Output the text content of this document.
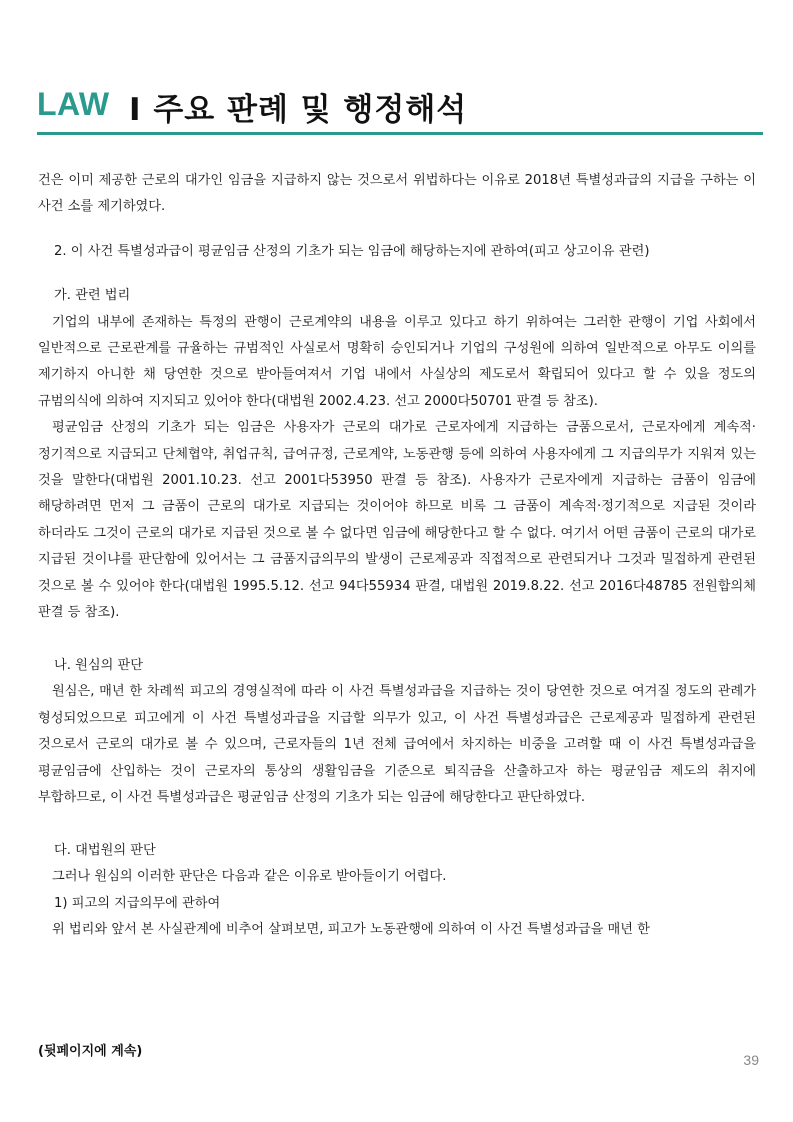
LAW I 주요 판례 및 행정해석

건은 이미 제공한 근로의 대가인 임금을 지급하지 않는 것으로서 위법하다는 이유로 2018년 특별성과급의 지급을 구하는 이 사건 소를 제기하였다.

2. 이 사건 특별성과급이 평균임금 산정의 기초가 되는 임금에 해당하는지에 관하여(피고 상고이유 관련)

가. 관련 법리

기업의 내부에 존재하는 특정의 관행이 근로계약의 내용을 이루고 있다고 하기 위하여는 그러한 관행이 기업 사회에서 일반적으로 근로관계를 규율하는 규범적인 사실로서 명확히 승인되거나 기업의 구성원에 의하여 일반적으로 아무도 이의를 제기하지 아니한 채 당연한 것으로 받아들여져서 기업 내에서 사실상의 제도로서 확립되어 있다고 할 수 있을 정도의 규범의식에 의하여 지지되고 있어야 한다(대법원 2002.4.23. 선고 2000다50701 판결 등 참조).

평균임금 산정의 기초가 되는 임금은 사용자가 근로의 대가로 근로자에게 지급하는 금품으로서, 근로자에게 계속적·정기적으로 지급되고 단체협약, 취업규칙, 급여규정, 근로계약, 노동관행 등에 의하여 사용자에게 그 지급의무가 지워져 있는 것을 말한다(대법원 2001.10.23. 선고 2001다53950 판결 등 참조). 사용자가 근로자에게 지급하는 금품이 임금에 해당하려면 먼저 그 금품이 근로의 대가로 지급되는 것이어야 하므로 비록 그 금품이 계속적·정기적으로 지급된 것이라 하더라도 그것이 근로의 대가로 지급된 것으로 볼 수 없다면 임금에 해당한다고 할 수 없다. 여기서 어떤 금품이 근로의 대가로 지급된 것이냐를 판단함에 있어서는 그 금품지급의무의 발생이 근로제공과 직접적으로 관련되거나 그것과 밀접하게 관련된 것으로 볼 수 있어야 한다(대법원 1995.5.12. 선고 94다55934 판결, 대법원 2019.8.22. 선고 2016다48785 전원합의체 판결 등 참조).

나. 원심의 판단

원심은, 매년 한 차례씩 피고의 경영실적에 따라 이 사건 특별성과급을 지급하는 것이 당연한 것으로 여겨질 정도의 관례가 형성되었으므로 피고에게 이 사건 특별성과급을 지급할 의무가 있고, 이 사건 특별성과급은 근로제공과 밀접하게 관련된 것으로서 근로의 대가로 볼 수 있으며, 근로자들의 1년 전체 급여에서 차지하는 비중을 고려할 때 이 사건 특별성과급을 평균임금에 산입하는 것이 근로자의 통상의 생활임금을 기준으로 퇴직금을 산출하고자 하는 평균임금 제도의 취지에 부합하므로, 이 사건 특별성과급은 평균임금 산정의 기초가 되는 임금에 해당한다고 판단하였다.

다. 대법원의 판단

그러나 원심의 이러한 판단은 다음과 같은 이유로 받아들이기 어렵다.

1) 피고의 지급의무에 관하여

위 법리와 앞서 본 사실관계에 비추어 살펴보면, 피고가 노동관행에 의하여 이 사건 특별성과급을 매년 한

(뒷페이지에 계속)
39
